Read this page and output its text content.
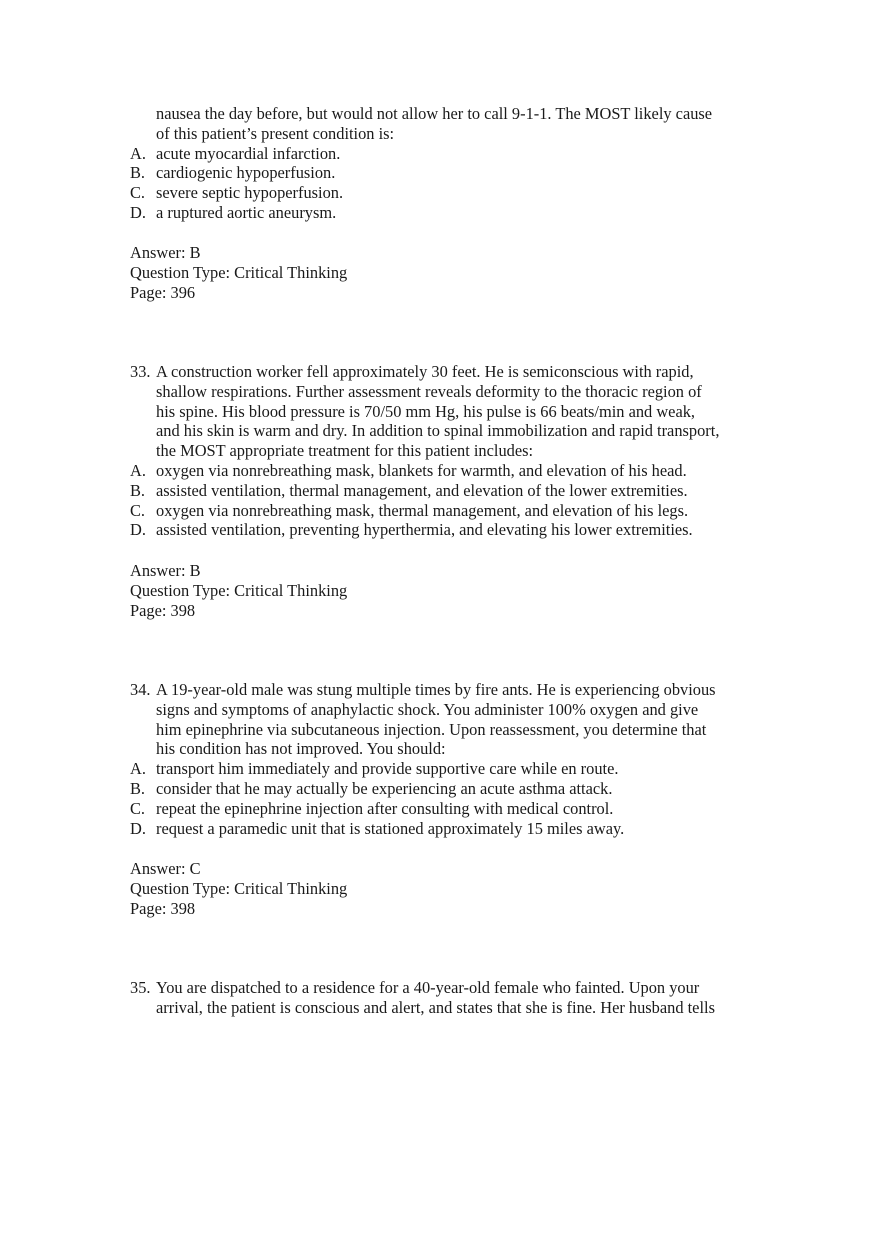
nausea the day before, but would not allow her to call 9-1-1. The MOST likely cause
of this patient’s present condition is:
A. acute myocardial infarction.
B. cardiogenic hypoperfusion.
C. severe septic hypoperfusion.
D. a ruptured aortic aneurysm.
Answer: B
Question Type: Critical Thinking
Page: 396
33. A construction worker fell approximately 30 feet. He is semiconscious with rapid,
shallow respirations. Further assessment reveals deformity to the thoracic region of
his spine. His blood pressure is 70/50 mm Hg, his pulse is 66 beats/min and weak,
and his skin is warm and dry. In addition to spinal immobilization and rapid transport,
the MOST appropriate treatment for this patient includes:
A. oxygen via nonrebreathing mask, blankets for warmth, and elevation of his head.
B. assisted ventilation, thermal management, and elevation of the lower extremities.
C. oxygen via nonrebreathing mask, thermal management, and elevation of his legs.
D. assisted ventilation, preventing hyperthermia, and elevating his lower extremities.
Answer: B
Question Type: Critical Thinking
Page: 398
34. A 19-year-old male was stung multiple times by fire ants. He is experiencing obvious
signs and symptoms of anaphylactic shock. You administer 100% oxygen and give
him epinephrine via subcutaneous injection. Upon reassessment, you determine that
his condition has not improved. You should:
A. transport him immediately and provide supportive care while en route.
B. consider that he may actually be experiencing an acute asthma attack.
C. repeat the epinephrine injection after consulting with medical control.
D. request a paramedic unit that is stationed approximately 15 miles away.
Answer: C
Question Type: Critical Thinking
Page: 398
35. You are dispatched to a residence for a 40-year-old female who fainted. Upon your
arrival, the patient is conscious and alert, and states that she is fine. Her husband tells
